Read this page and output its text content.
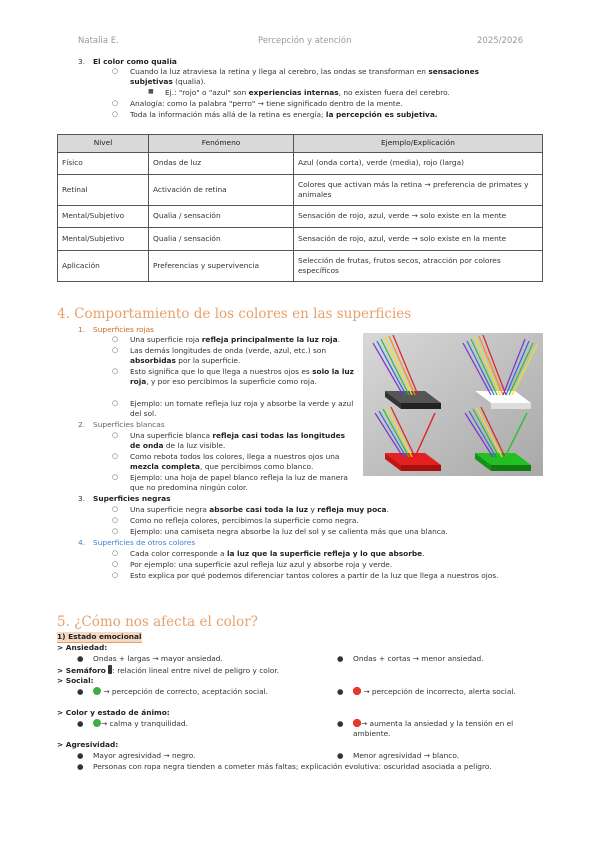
Natalia E.	Percepción y atención	2025/2026
3. El color como qualia
○ Cuando la luz atraviesa la retina y llega al cerebro, las ondas se transforman en sensaciones
subjetivas (qualia).
■ Ej.: "rojo" o "azul" son experiencias internas, no existen fuera del cerebro.
○ Analogía: como la palabra "perro" → tiene significado dentro de la mente.
○ Toda la información más allá de la retina es energía; la percepción es subjetiva.
Nivel	Fenómeno	Ejemplo/Explicación
Físico	Ondas de luz	Azul (onda corta), verde (media), rojo (larga)
Retinal	Activación de retina	Colores que activan más la retina → preferencia de primates y animales
Mental/Subjetivo	Qualia / sensación	Sensación de rojo, azul, verde → solo existe en la mente
Mental/Subjetivo	Qualia / sensación	Sensación de rojo, azul, verde → solo existe en la mente
Aplicación	Preferencias y supervivencia	Selección de frutas, frutos secos, atracción por colores específicos
4. Comportamiento de los colores en las superficies
1. Superficies rojas
○ Una superficie roja refleja principalmente la luz roja.
○ Las demás longitudes de onda (verde, azul, etc.) son absorbidas por la superficie.
○ Esto significa que lo que llega a nuestros ojos es solo la luz roja, y por eso percibimos la superficie como roja.
○ Ejemplo: un tomate refleja luz roja y absorbe la verde y azul del sol.
2. Superficies blancas
○ Una superficie blanca refleja casi todas las longitudes de onda de la luz visible.
○ Como rebota todos los colores, llega a nuestros ojos una mezcla completa, que percibimos como blanco.
○ Ejemplo: una hoja de papel blanco refleja la luz de manera que no predomina ningún color.
3. Superficies negras
○ Una superficie negra absorbe casi toda la luz y refleja muy poca.
○ Como no refleja colores, percibimos la superficie como negra.
○ Ejemplo: una camiseta negra absorbe la luz del sol y se calienta más que una blanca.
4. Superficies de otros colores
○ Cada color corresponde a la luz que la superficie refleja y lo que absorbe.
○ Por ejemplo: una superficie azul refleja luz azul y absorbe roja y verde.
○ Esto explica por qué podemos diferenciar tantos colores a partir de la luz que llega a nuestros ojos.
5. ¿Cómo nos afecta el color?
1) Estado emocional
> Ansiedad:
● Ondas + largas → mayor ansiedad.	● Ondas + cortas → menor ansiedad.
> Semáforo : relación lineal entre nivel de peligro y color.
> Social:
●	→ percepción de correcto, aceptación social.	●	→ percepción de incorrecto, alerta social.
> Color y estado de ánimo:
●	→ calma y tranquilidad.	●	→ aumenta la ansiedad y la tensión en el ambiente.
> Agresividad:
● Mayor agresividad → negro.	● Menor agresividad → blanco.
● Personas con ropa negra tienden a cometer más faltas; explicación evolutiva: oscuridad asociada a peligro.
